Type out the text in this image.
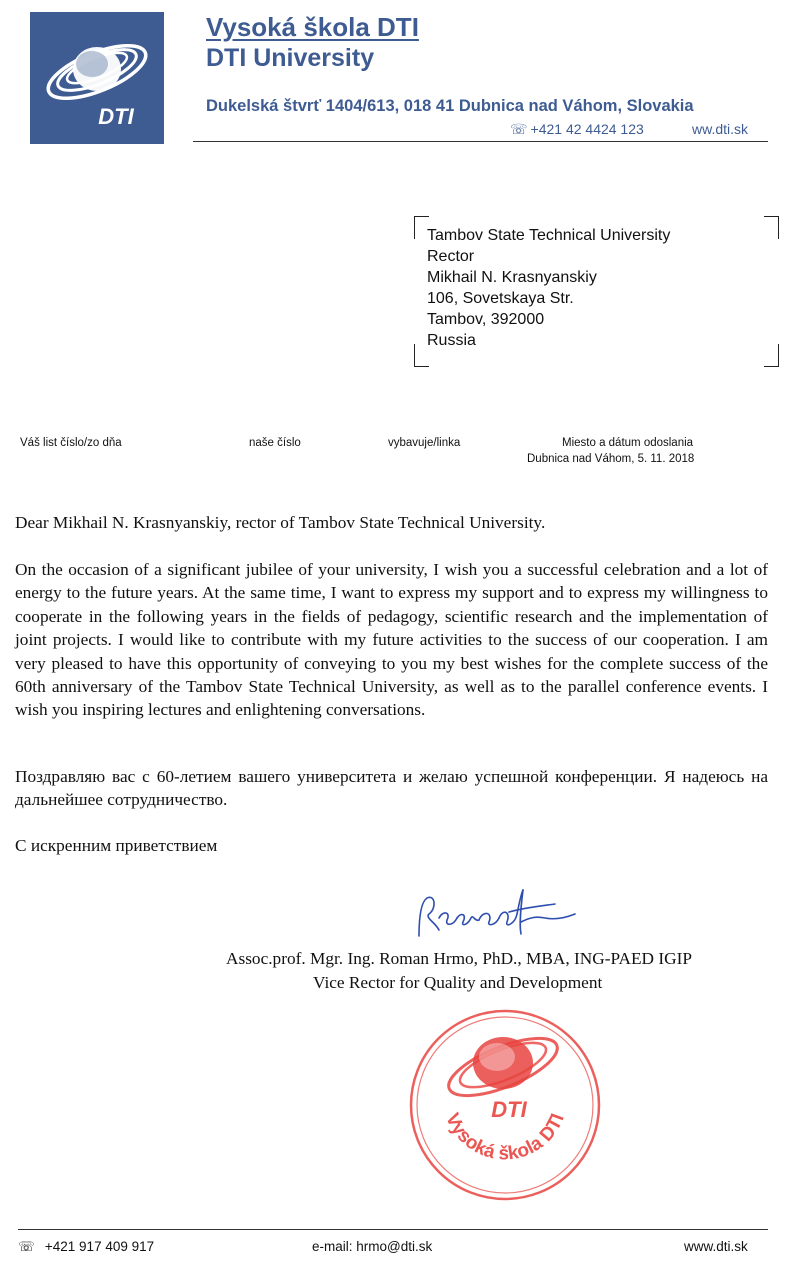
DTI
Vysoká škola DTI
DTI University
Dukelská štvrť 1404/613, 018 41 Dubnica nad Váhom, Slovakia
☏ +421 42 4424 123	ww.dti.sk
Tambov State Technical University
Rector
Mikhail N. Krasnyanskiy
106, Sovetskaya Str.
Tambov, 392000
Russia
Váš list číslo/zo dňa	naše číslo	vybavuje/linka	Miesto a dátum odoslania
Dubnica nad Váhom, 5. 11. 2018
Dear Mikhail N. Krasnyanskiy, rector of Tambov State Technical University.
On the occasion of a significant jubilee of your university, I wish you a successful celebration and a lot of energy to the future years. At the same time, I want to express my support and to express my willingness to cooperate in the following years in the fields of pedagogy, scientific research and the implementation of joint projects. I would like to contribute with my future activities to the success of our cooperation. I am very pleased to have this opportunity of conveying to you my best wishes for the complete success of the 60th anniversary of the Tambov State Technical University, as well as to the parallel conference events. I wish you inspiring lectures and enlightening conversations.
Поздравляю вас с 60-летием вашего университета и желаю успешной конференции. Я надеюсь на дальнейшее сотрудничество.
С искренним приветствием
Assoc.prof. Mgr. Ing. Roman Hrmo, PhD., MBA, ING-PAED IGIP
Vice Rector for Quality and Development
DTI
Vysoká škola DTI
☏ +421 917 409 917	e-mail: hrmo@dti.sk	www.dti.sk
